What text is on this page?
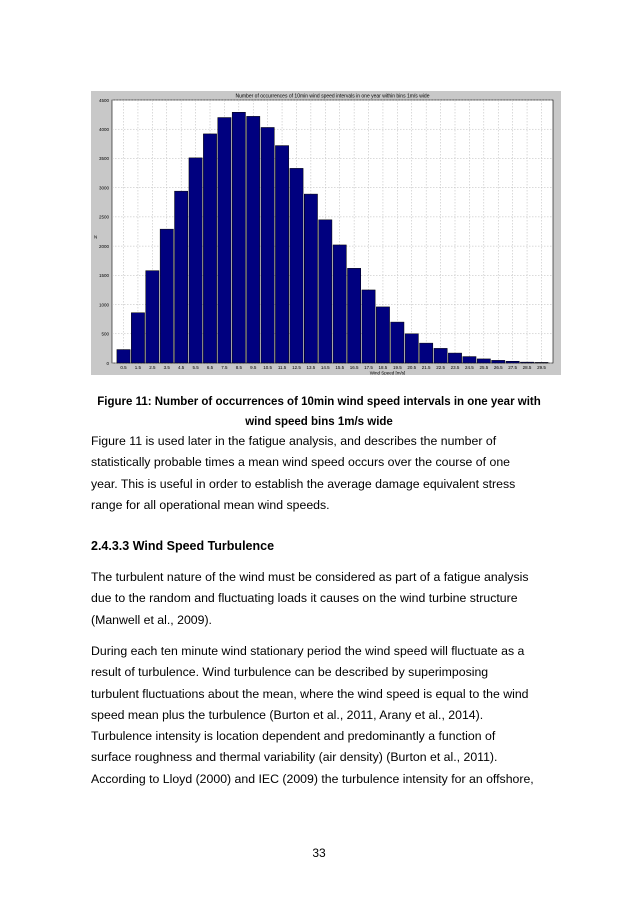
0
500
1000
1500
2000
2500
3000
3500
4000
4500
0.5 1.5 2.5 3.5 4.5 5.5 6.5 7.5 8.5 9.5 10.5 11.5 12.5 13.5 14.5 15.5 16.5 17.5 18.5 19.5 20.5 21.5 22.5 23.5 24.5 25.5 26.5 27.5 28.5 29.5
Number of occurrences of 10min wind speed intervals in one year within bins 1m/s wide
Wind Speed [m/s]
N
Figure 11: Number of occurrences of 10min wind speed intervals in one year with
wind speed bins 1m/s wide
Figure 11 is used later in the fatigue analysis, and describes the number of
statistically probable times a mean wind speed occurs over the course of one
year. This is useful in order to establish the average damage equivalent stress
range for all operational mean wind speeds.
2.4.3.3 Wind Speed Turbulence
The turbulent nature of the wind must be considered as part of a fatigue analysis
due to the random and fluctuating loads it causes on the wind turbine structure
(Manwell et al., 2009).
During each ten minute wind stationary period the wind speed will fluctuate as a
result of turbulence. Wind turbulence can be described by superimposing
turbulent fluctuations about the mean, where the wind speed is equal to the wind
speed mean plus the turbulence (Burton et al., 2011, Arany et al., 2014).
Turbulence intensity is location dependent and predominantly a function of
surface roughness and thermal variability (air density) (Burton et al., 2011).
According to Lloyd (2000) and IEC (2009) the turbulence intensity for an offshore,
33
